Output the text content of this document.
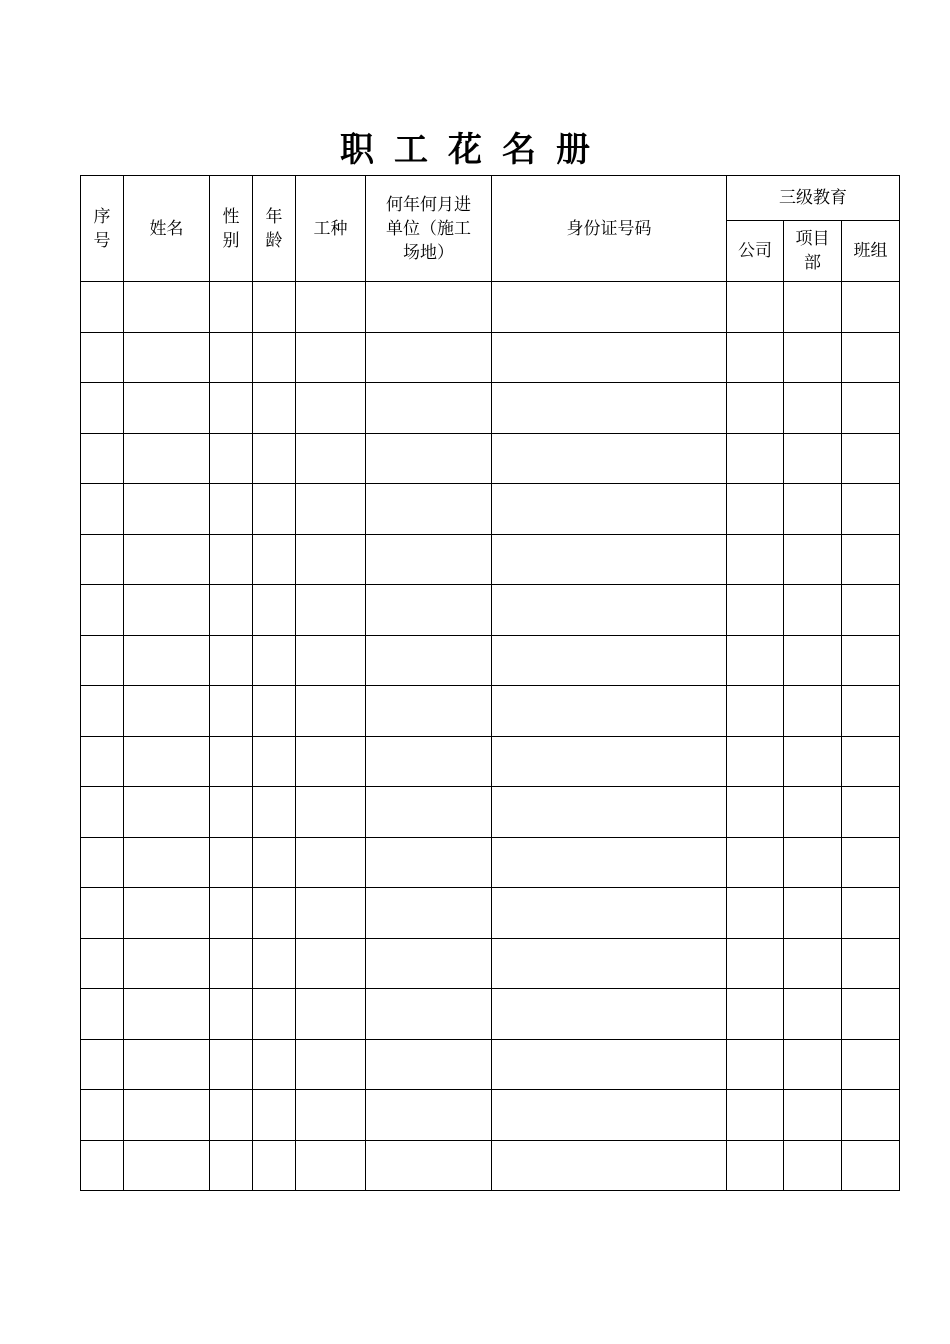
职工花名册
序号	姓名	性别	年龄	工种	何年何月进单位（施工场地）	身份证号码	三级教育		
							公司	项目部	班组
